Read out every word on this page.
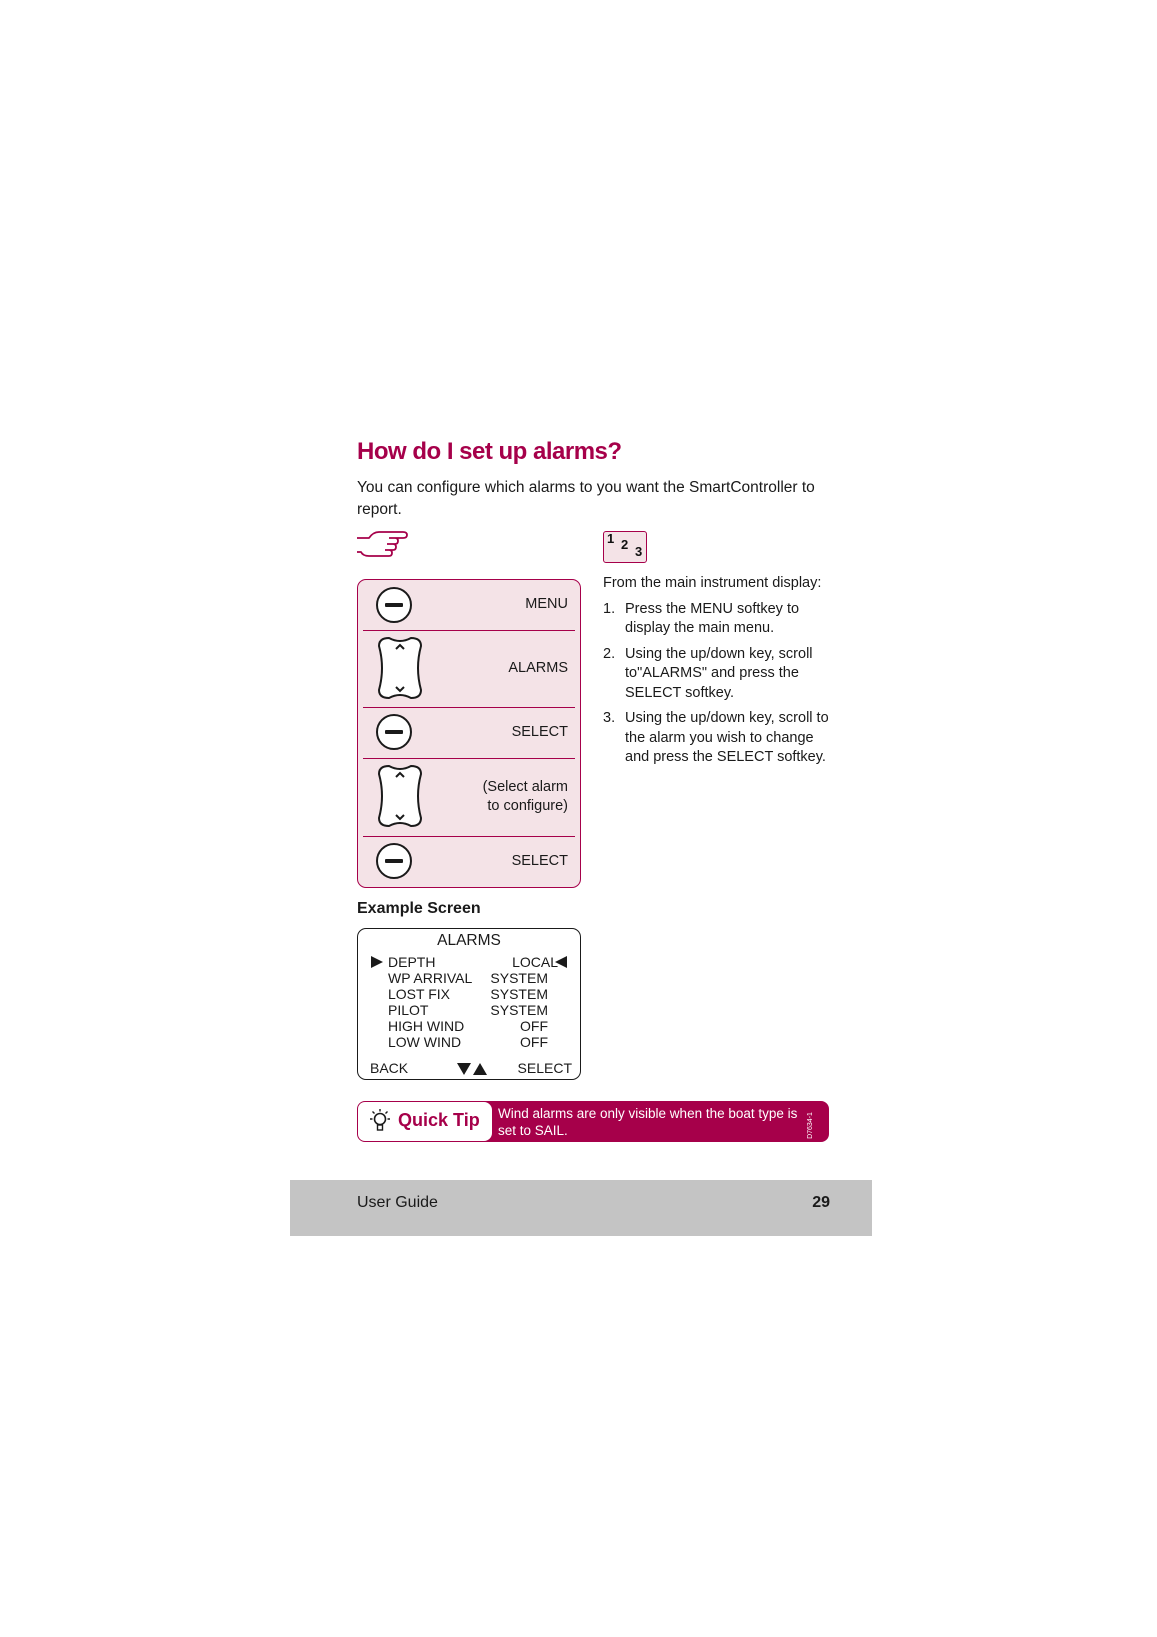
How do I set up alarms?
You can configure which alarms to you want the SmartController to report.
1 2 3
MENU
ALARMS
SELECT
(Select alarm
to configure)
SELECT
From the main instrument display:
1. Press the MENU softkey to display the main menu.
2. Using the up/down key, scroll to"ALARMS" and press the SELECT softkey.
3. Using the up/down key, scroll to the alarm you wish to change and press the SELECT softkey.
Example Screen
ALARMS
DEPTH	LOCAL
WP ARRIVAL SYSTEM
LOST FIX	SYSTEM
PILOT	SYSTEM
HIGH WIND	OFF
LOW WIND	OFF
BACK	SELECT
Quick Tip Wind alarms are only visible when the boat type is set to SAIL.	D7634-1
User Guide	29
